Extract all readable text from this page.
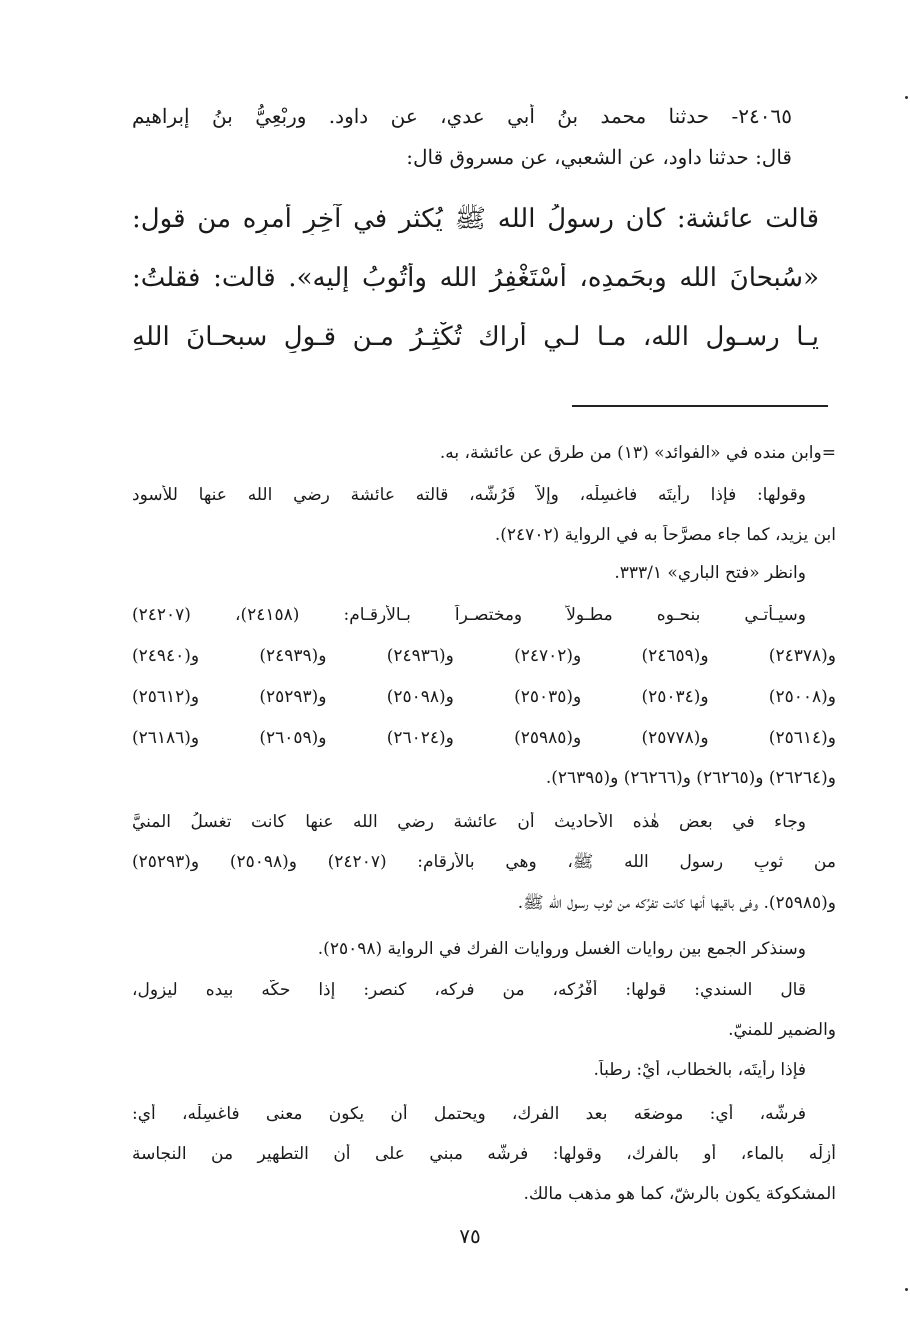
٢٤٠٦٥- حدثنا محمد بنُ أبي عدي، عن داود. ورِبْعِيُّ بنُ إبراهيم
قال: حدثنا داود، عن الشعبي، عن مسروق قال:
قالت عائشة: كان رسولُ الله ﷺ يُكثر في آخِرِ أمرِه من قول:
«سُبحانَ الله وبحَمدِه، أسْتَغْفِرُ الله وأتُوبُ إليه». قالت: فقلتُ:
يـا رسـول الله، مـا لـي أراك تُكْثِـرُ مـن قـولِ سبحـانَ اللهِ
=وابن منده في «الفوائد» (١٣) من طرق عن عائشة، به.
وقولها: فإذا رأيتَه فاغسِلْه، وإلاّ فَرُشَّه، قالته عائشة رضي الله عنها للأسود
ابن يزيد، كما جاء مصرَّحاً به في الرواية (٢٤٧٠٢).
وانظر «فتح الباري» ٣٣٣/١.
وسيـأتـي بنحـوه مطـولاً ومختصـراً بـالأرقـام: (٢٤١٥٨)، (٢٤٢٠٧)
و(٢٤٣٧٨) و(٢٤٦٥٩) و(٢٤٧٠٢) و(٢٤٩٣٦) و(٢٤٩٣٩) و(٢٤٩٤٠)
و(٢٥٠٠٨) و(٢٥٠٣٤) و(٢٥٠٣٥) و(٢٥٠٩٨) و(٢٥٢٩٣) و(٢٥٦١٢)
و(٢٥٦١٤) و(٢٥٧٧٨) و(٢٥٩٨٥) و(٢٦٠٢٤) و(٢٦٠٥٩) و(٢٦١٨٦)
و(٢٦٢٦٤) و(٢٦٢٦٥) و(٢٦٢٦٦) و(٢٦٣٩٥).
وجاء في بعض هٰذه الأحاديث أن عائشة رضي الله عنها كانت تغسلُ المنيَّ
من ثوبِ رسول الله ﷺ، وهي بالأرقام: (٢٤٢٠٧) و(٢٥٠٩٨) و(٢٥٢٩٣)
و(٢٥٩٨٥). وفي باقيها أنها كانت تفرُكه من ثوب رسول الله ﷺ.
وسنذكر الجمع بين روايات الغسل وروايات الفرك في الرواية (٢٥٠٩٨).
قال السندي: قولها: أفْرُكه، من فركه، كنصر: إذا حكَّه بيده ليزول،
والضمير للمنيّ.
فإذا رأيتَه، بالخطاب، أيْ: رطباً.
فرشَّه، أي: موضعَه بعد الفرك، ويحتمل أن يكون معنى فاغسِلْه، أي:
أزِلْه بالماء، أو بالفرك، وقولها: فرشَّه مبني على أن التطهير من النجاسة
المشكوكة يكون بالرشّ، كما هو مذهب مالك.
٧٥
